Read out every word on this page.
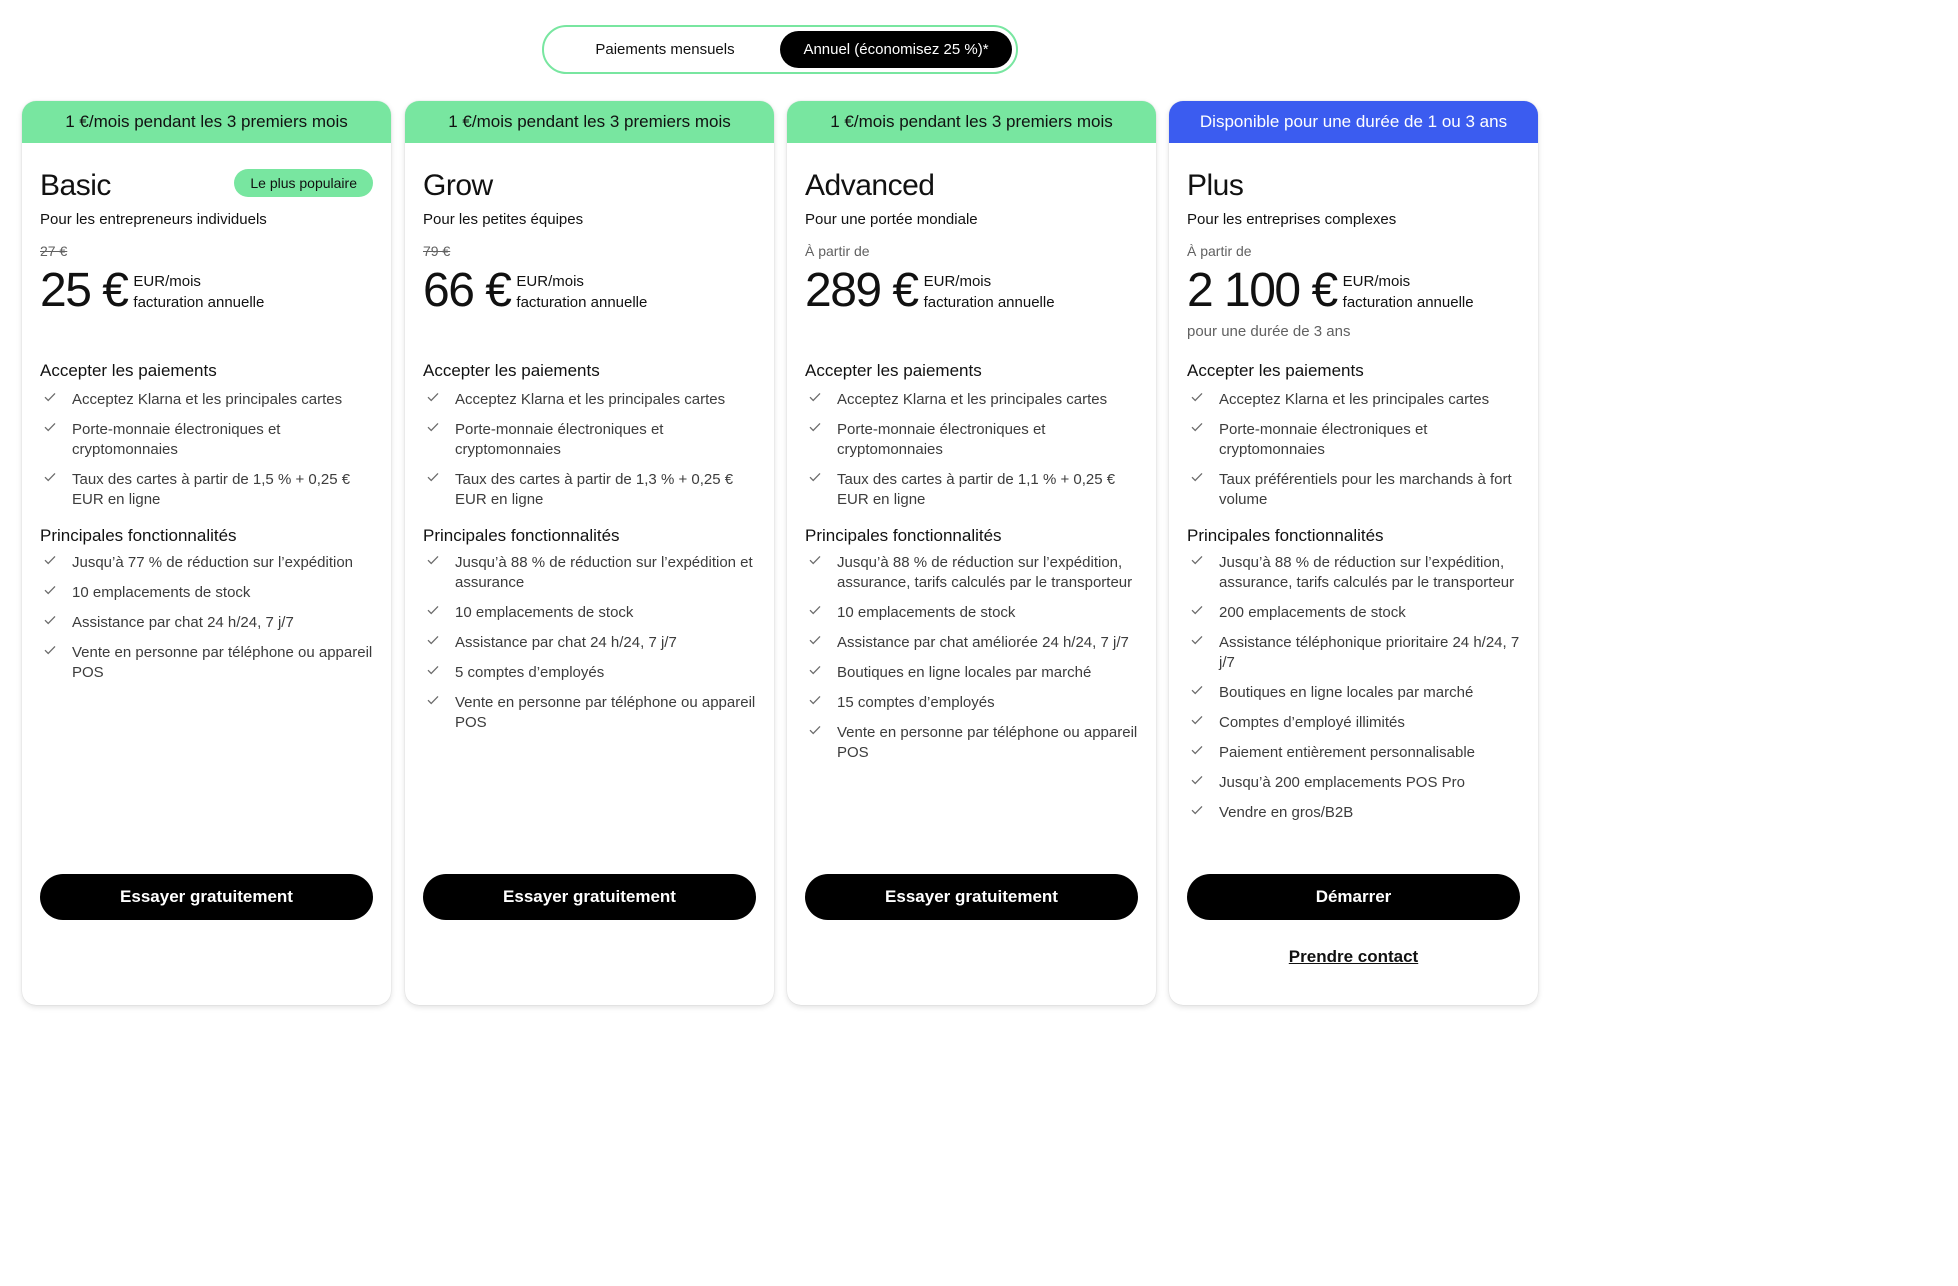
Paiements mensuels	Annuel (économisez 25 %)*
1 €/mois pendant les 3 premiers mois
Basic	Le plus populaire
Pour les entrepreneurs individuels
27 €
25 € EUR/mois
facturation annuelle
Accepter les paiements
Acceptez Klarna et les principales cartes
Porte-monnaie électroniques et cryptomonnaies
Taux des cartes à partir de 1,5 % + 0,25 € EUR en ligne
Principales fonctionnalités
Jusqu’à 77 % de réduction sur l’expédition
10 emplacements de stock
Assistance par chat 24 h/24, 7 j/7
Vente en personne par téléphone ou appareil POS
Essayer gratuitement
1 €/mois pendant les 3 premiers mois
Grow
Pour les petites équipes
79 €
66 € EUR/mois
facturation annuelle
Accepter les paiements
Acceptez Klarna et les principales cartes
Porte-monnaie électroniques et cryptomonnaies
Taux des cartes à partir de 1,3 % + 0,25 € EUR en ligne
Principales fonctionnalités
Jusqu’à 88 % de réduction sur l’expédition et assurance
10 emplacements de stock
Assistance par chat 24 h/24, 7 j/7
5 comptes d’employés
Vente en personne par téléphone ou appareil POS
Essayer gratuitement
1 €/mois pendant les 3 premiers mois
Advanced
Pour une portée mondiale
À partir de
289 € EUR/mois
facturation annuelle
Accepter les paiements
Acceptez Klarna et les principales cartes
Porte-monnaie électroniques et cryptomonnaies
Taux des cartes à partir de 1,1 % + 0,25 € EUR en ligne
Principales fonctionnalités
Jusqu’à 88 % de réduction sur l’expédition, assurance, tarifs calculés par le transporteur
10 emplacements de stock
Assistance par chat améliorée 24 h/24, 7 j/7
Boutiques en ligne locales par marché
15 comptes d’employés
Vente en personne par téléphone ou appareil POS
Essayer gratuitement
Disponible pour une durée de 1 ou 3 ans
Plus
Pour les entreprises complexes
À partir de
2 100 € EUR/mois
facturation annuelle
pour une durée de 3 ans
Accepter les paiements
Acceptez Klarna et les principales cartes
Porte-monnaie électroniques et cryptomonnaies
Taux préférentiels pour les marchands à fort volume
Principales fonctionnalités
Jusqu’à 88 % de réduction sur l’expédition, assurance, tarifs calculés par le transporteur
200 emplacements de stock
Assistance téléphonique prioritaire 24 h/24, 7 j/7
Boutiques en ligne locales par marché
Comptes d’employé illimités
Paiement entièrement personnalisable
Jusqu’à 200 emplacements POS Pro
Vendre en gros/B2B
Démarrer
Prendre contact
